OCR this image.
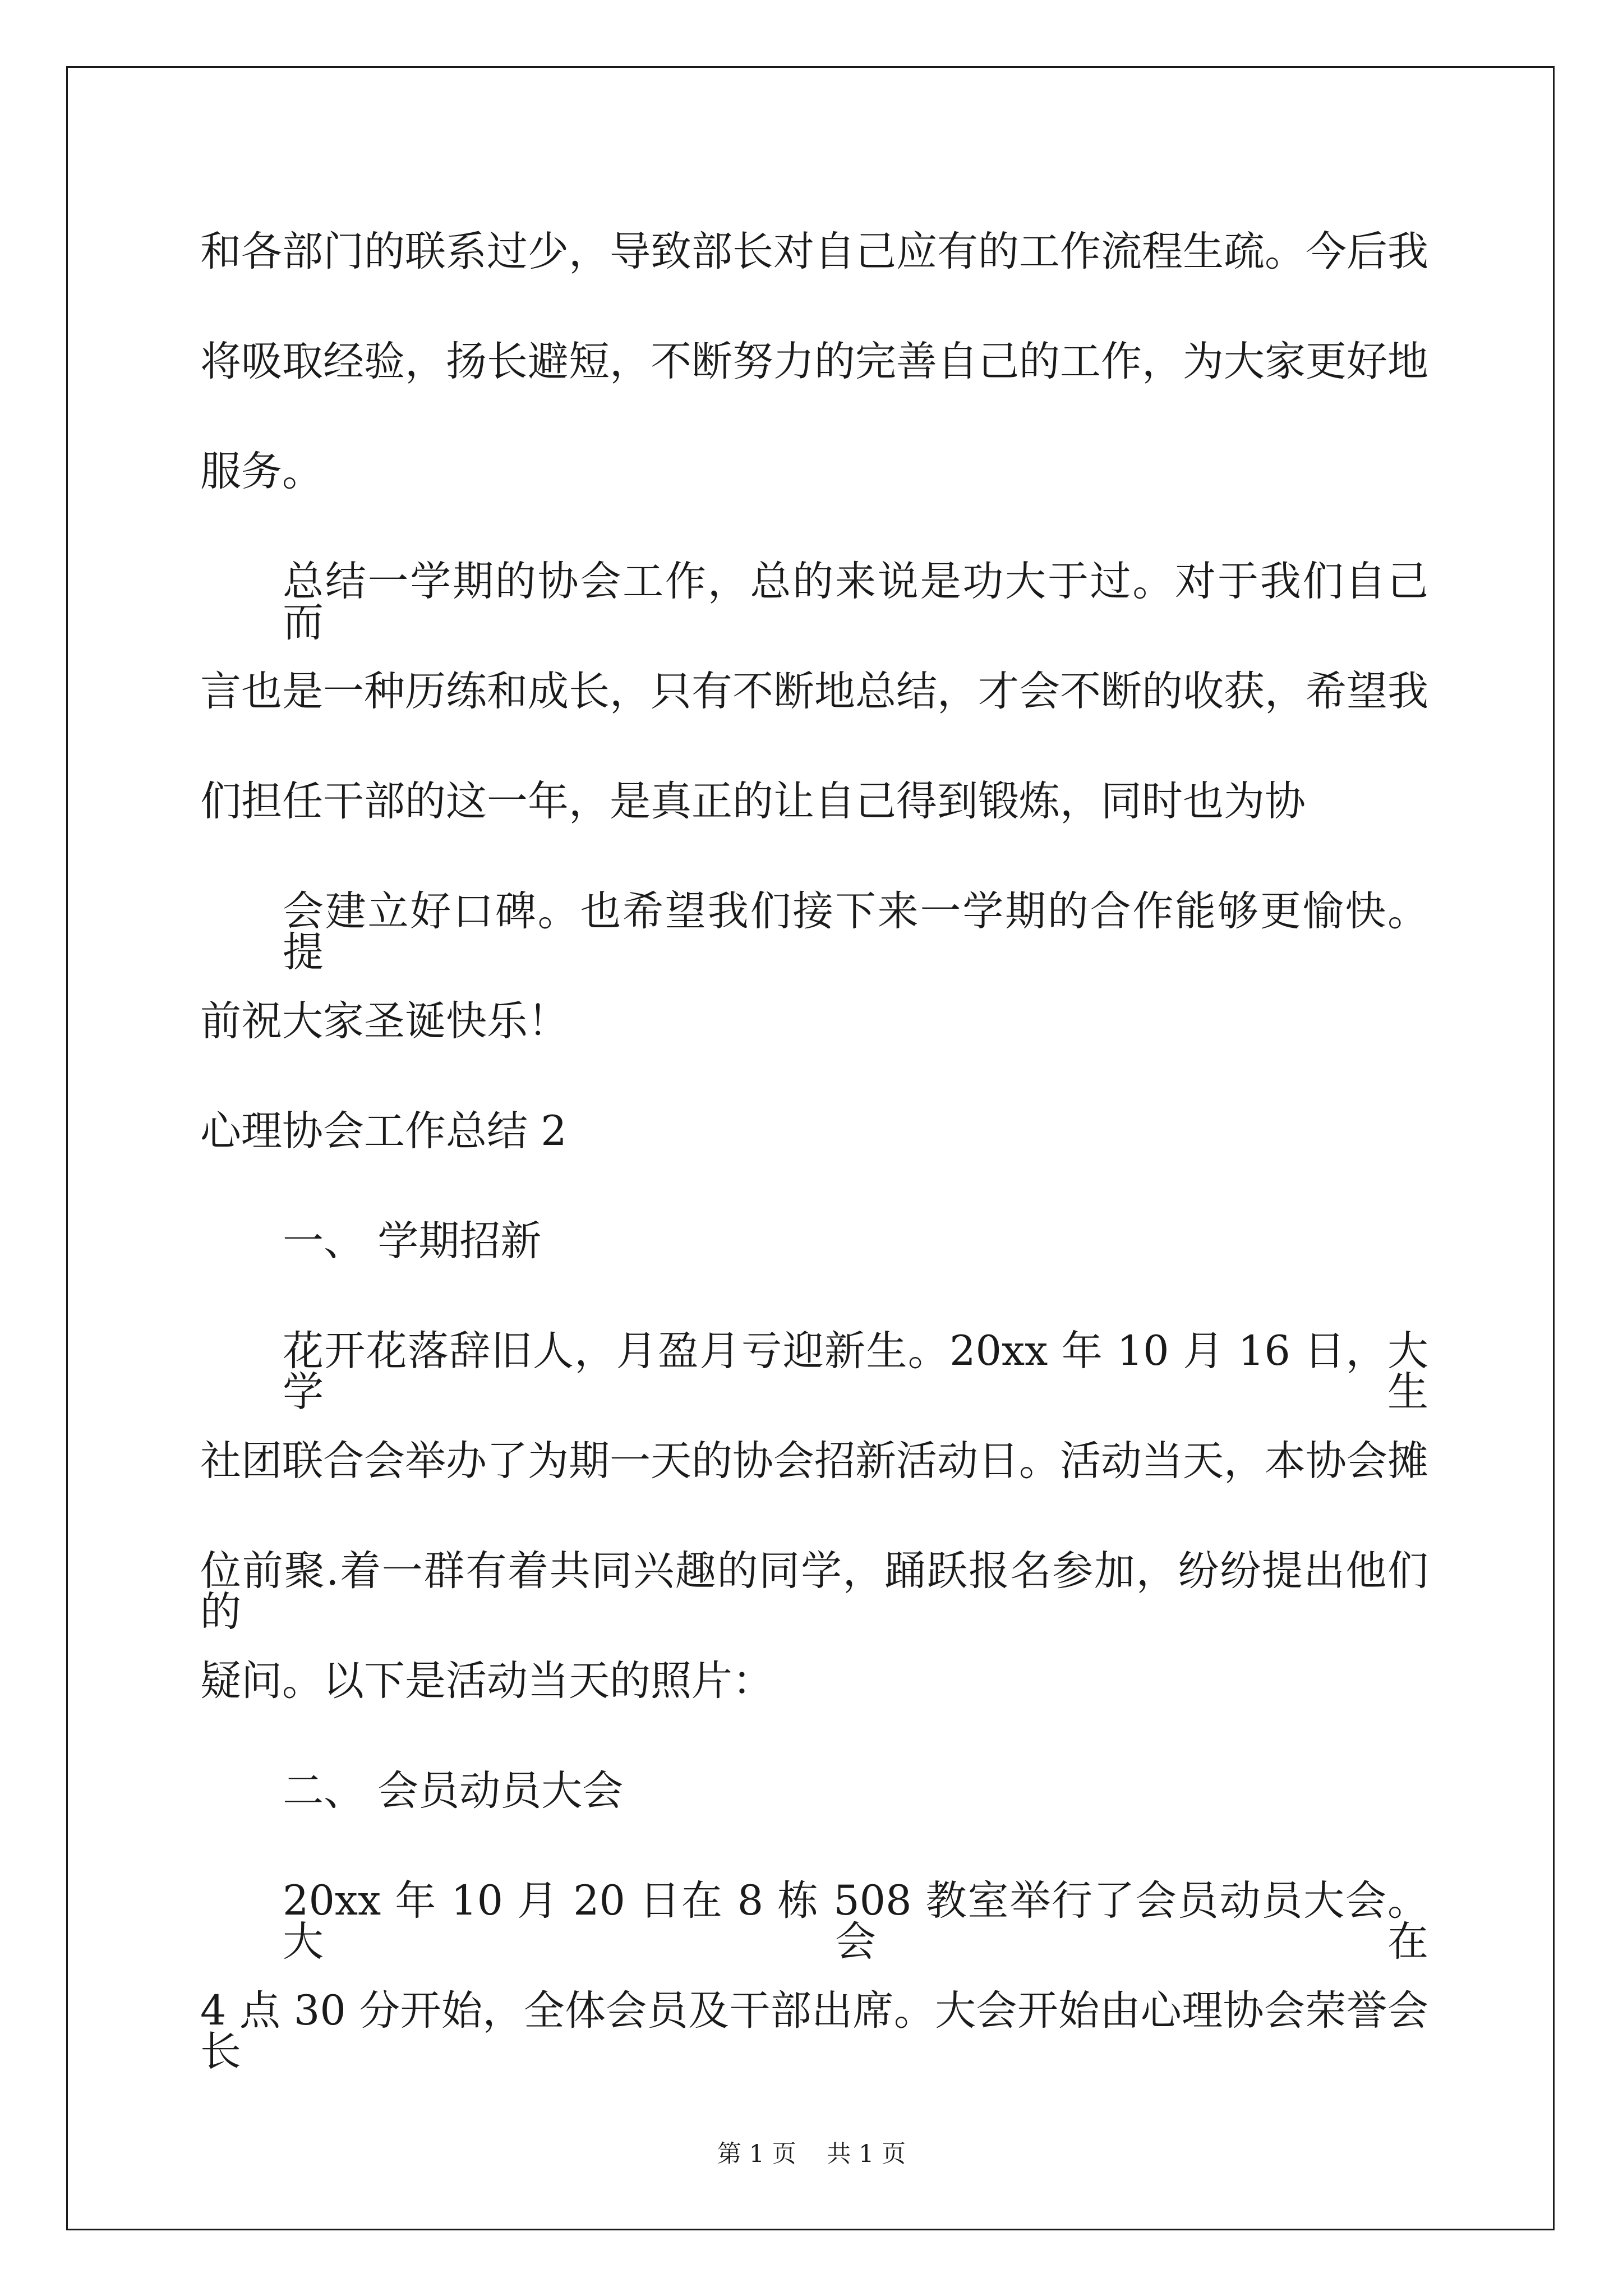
和各部门的联系过少，导致部长对自己应有的工作流程生疏。今后我
将吸取经验，扬长避短，不断努力的完善自己的工作，为大家更好地
服务。
总结一学期的协会工作，总的来说是功大于过。对于我们自己而
言也是一种历练和成长，只有不断地总结，才会不断的收获，希望我
们担任干部的这一年，是真正的让自己得到锻炼，同时也为协
会建立好口碑。也希望我们接下来一学期的合作能够更愉快。提
前祝大家圣诞快乐！
心理协会工作总结 2
一、 学期招新
花开花落辞旧人，月盈月亏迎新生。20xx 年 10 月 16 日，大学生
社团联合会举办了为期一天的协会招新活动日。活动当天，本协会摊
位前聚.着一群有着共同兴趣的同学，踊跃报名参加，纷纷提出他们的
疑问。以下是活动当天的照片：
二、 会员动员大会
20xx 年 10 月 20 日在 8 栋 508 教室举行了会员动员大会。大会在
4 点 30 分开始，全体会员及干部出席。大会开始由心理协会荣誉会长
第 1 页    共 1 页
